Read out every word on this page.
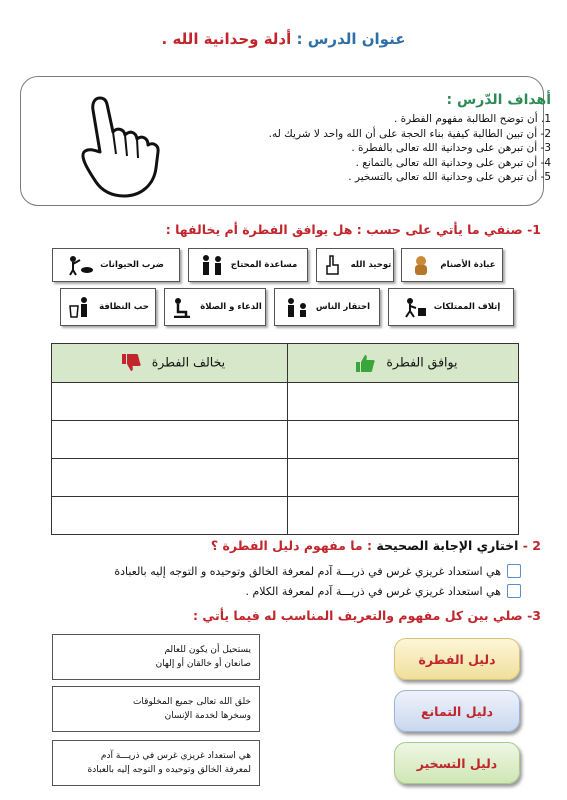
عنوان الدرس : أدلة وحدانية الله .
أهداف الدّرس :
1. أن توضح الطالبة مفهوم الفطرة .
2- أن تبين الطالبة كيفية بناء الحجة على أن الله واحد لا شريك له.
3- أن تبرهن على وحدانية الله تعالى بالفطرة .
4- أن تبرهن على وحدانية الله تعالى بالتمانع .
5- أن تبرهن على وحدانية الله تعالى بالتسخير .
1- صنفي ما يأتي على حسب : هل يوافق الفطرة أم يخالفها :
عبادة الأصنام
توحيد الله
مساعدة المحتاج
ضرب الحيوانات
إتلاف الممتلكات
احتقار الناس
الدعاء و الصلاة
حب النظافة
يوافق الفطرة	يخالف الفطرة

2 - اختاري الإجابة الصحيحة : ما مفهوم دليل الفطرة ؟
هي استعداد غريزي غرس في ذريـــة آدم لمعرفة الخالق وتوحيده و التوجه إليه بالعبادة
هي استعداد غريزي غرس في ذريـــة آدم لمعرفة الكلام .
3- صلي بين كل مفهوم والتعريف المناسب له فيما يأتي :
يستحيل أن يكون للعالم
صانعان أو خالقان أو إلهان
خلق الله تعالى جميع المخلوقات
وسخرها لخدمة الإنسان
هي استعداد غريزي غرس في ذريـــة آدم
لمعرفة الخالق وتوحيده و التوجه إليه بالعبادة
دليل الفطرة
دليل التمانع
دليل التسخير
